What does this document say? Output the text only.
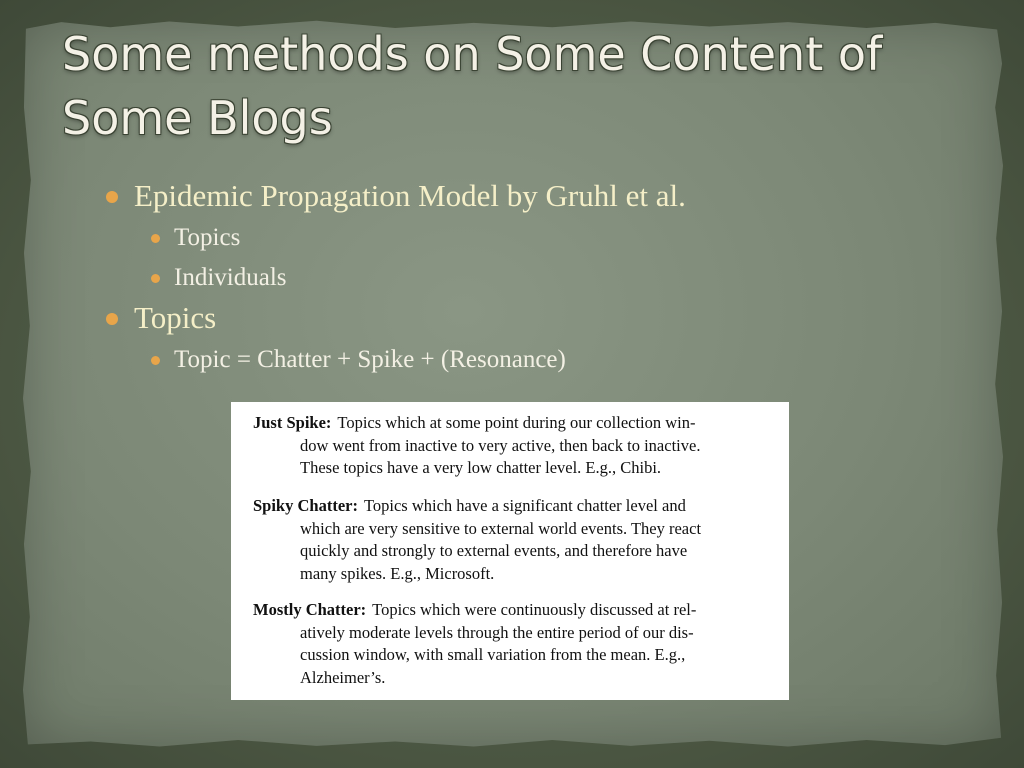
Some methods on Some Content of
Some Blogs
Epidemic Propagation Model by Gruhl et al.
Topics
Individuals
Topics
Topic = Chatter + Spike + (Resonance)
Just Spike: Topics which at some point during our collection win-
dow went from inactive to very active, then back to inactive.
These topics have a very low chatter level. E.g., Chibi.
Spiky Chatter: Topics which have a significant chatter level and
which are very sensitive to external world events. They react
quickly and strongly to external events, and therefore have
many spikes. E.g., Microsoft.
Mostly Chatter: Topics which were continuously discussed at rel-
atively moderate levels through the entire period of our dis-
cussion window, with small variation from the mean. E.g.,
Alzheimer’s.
